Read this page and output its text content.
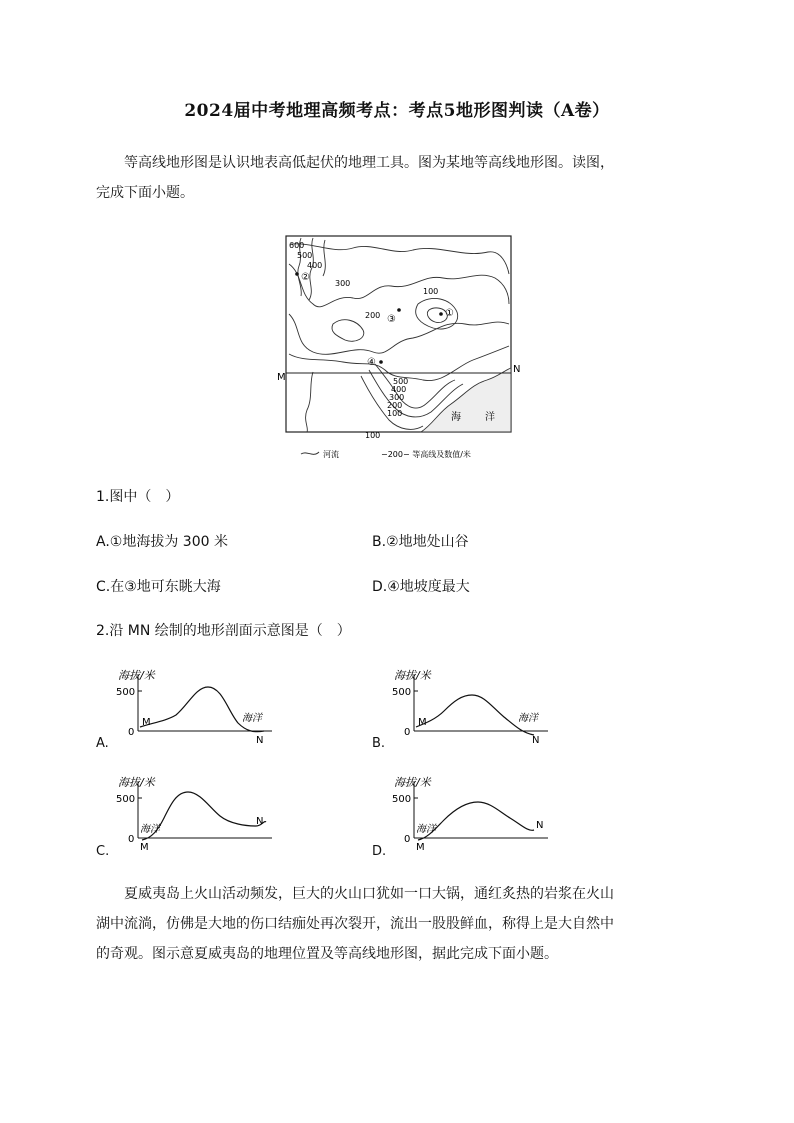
2024届中考地理高频考点：考点5地形图判读（A卷）
等高线地形图是认识地表高低起伏的地理工具。图为某地等高线地形图。读图，
完成下面小题。
M
N
600
500
400
300
200
100
500
400
300
200
100
100
①
②
③
④
海 洋
河流	−200− 等高线及数值/米
1.图中（　）
A.①地海拔为 300 米	B.②地地处山谷
C.在③地可东眺大海	D.④地坡度最大
2.沿 MN 绘制的地形剖面示意图是（　）
海拔/米
500
0
M	海洋
N
A.
海拔/米
500
0
M	海洋
N
B.
海拔/米
500
0
M
海洋
N
C.
海拔/米
500
0
M
海洋	N
D.
夏威夷岛上火山活动频发，巨大的火山口犹如一口大锅，通红炙热的岩浆在火山
湖中流淌，仿佛是大地的伤口结痂处再次裂开，流出一股股鲜血，称得上是大自然中
的奇观。图示意夏威夷岛的地理位置及等高线地形图，据此完成下面小题。
